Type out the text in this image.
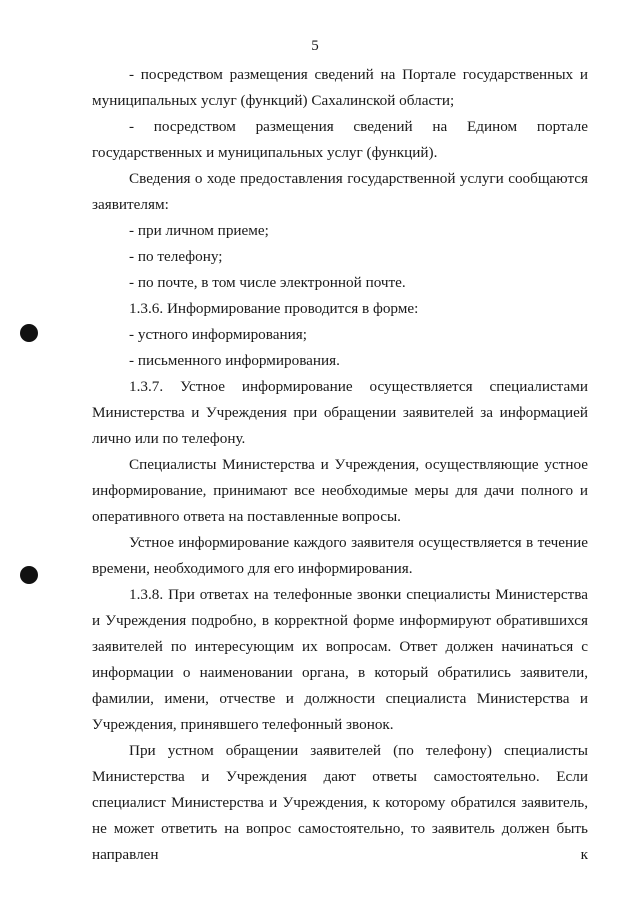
5

- посредством размещения сведений на Портале государственных и муниципальных услуг (функций) Сахалинской области;

- посредством размещения сведений на Едином портале государственных и муниципальных услуг (функций).

Сведения о ходе предоставления государственной услуги сообщаются заявителям:

- при личном приеме;

- по телефону;

- по почте, в том числе электронной почте.

1.3.6. Информирование проводится в форме:

- устного информирования;

- письменного информирования.

1.3.7. Устное информирование осуществляется специалистами Министерства и Учреждения при обращении заявителей за информацией лично или по телефону.

Специалисты Министерства и Учреждения, осуществляющие устное информирование, принимают все необходимые меры для дачи полного и оперативного ответа на поставленные вопросы.

Устное информирование каждого заявителя осуществляется в течение времени, необходимого для его информирования.

1.3.8. При ответах на телефонные звонки специалисты Министерства и Учреждения подробно, в корректной форме информируют обратившихся заявителей по интересующим их вопросам. Ответ должен начинаться с информации о наименовании органа, в который обратились заявители, фамилии, имени, отчестве и должности специалиста Министерства и Учреждения, принявшего телефонный звонок.

При устном обращении заявителей (по телефону) специалисты Министерства и Учреждения дают ответы самостоятельно. Если специалист Министерства и Учреждения, к которому обратился заявитель, не может ответить на вопрос самостоятельно, то заявитель должен быть направлен к
